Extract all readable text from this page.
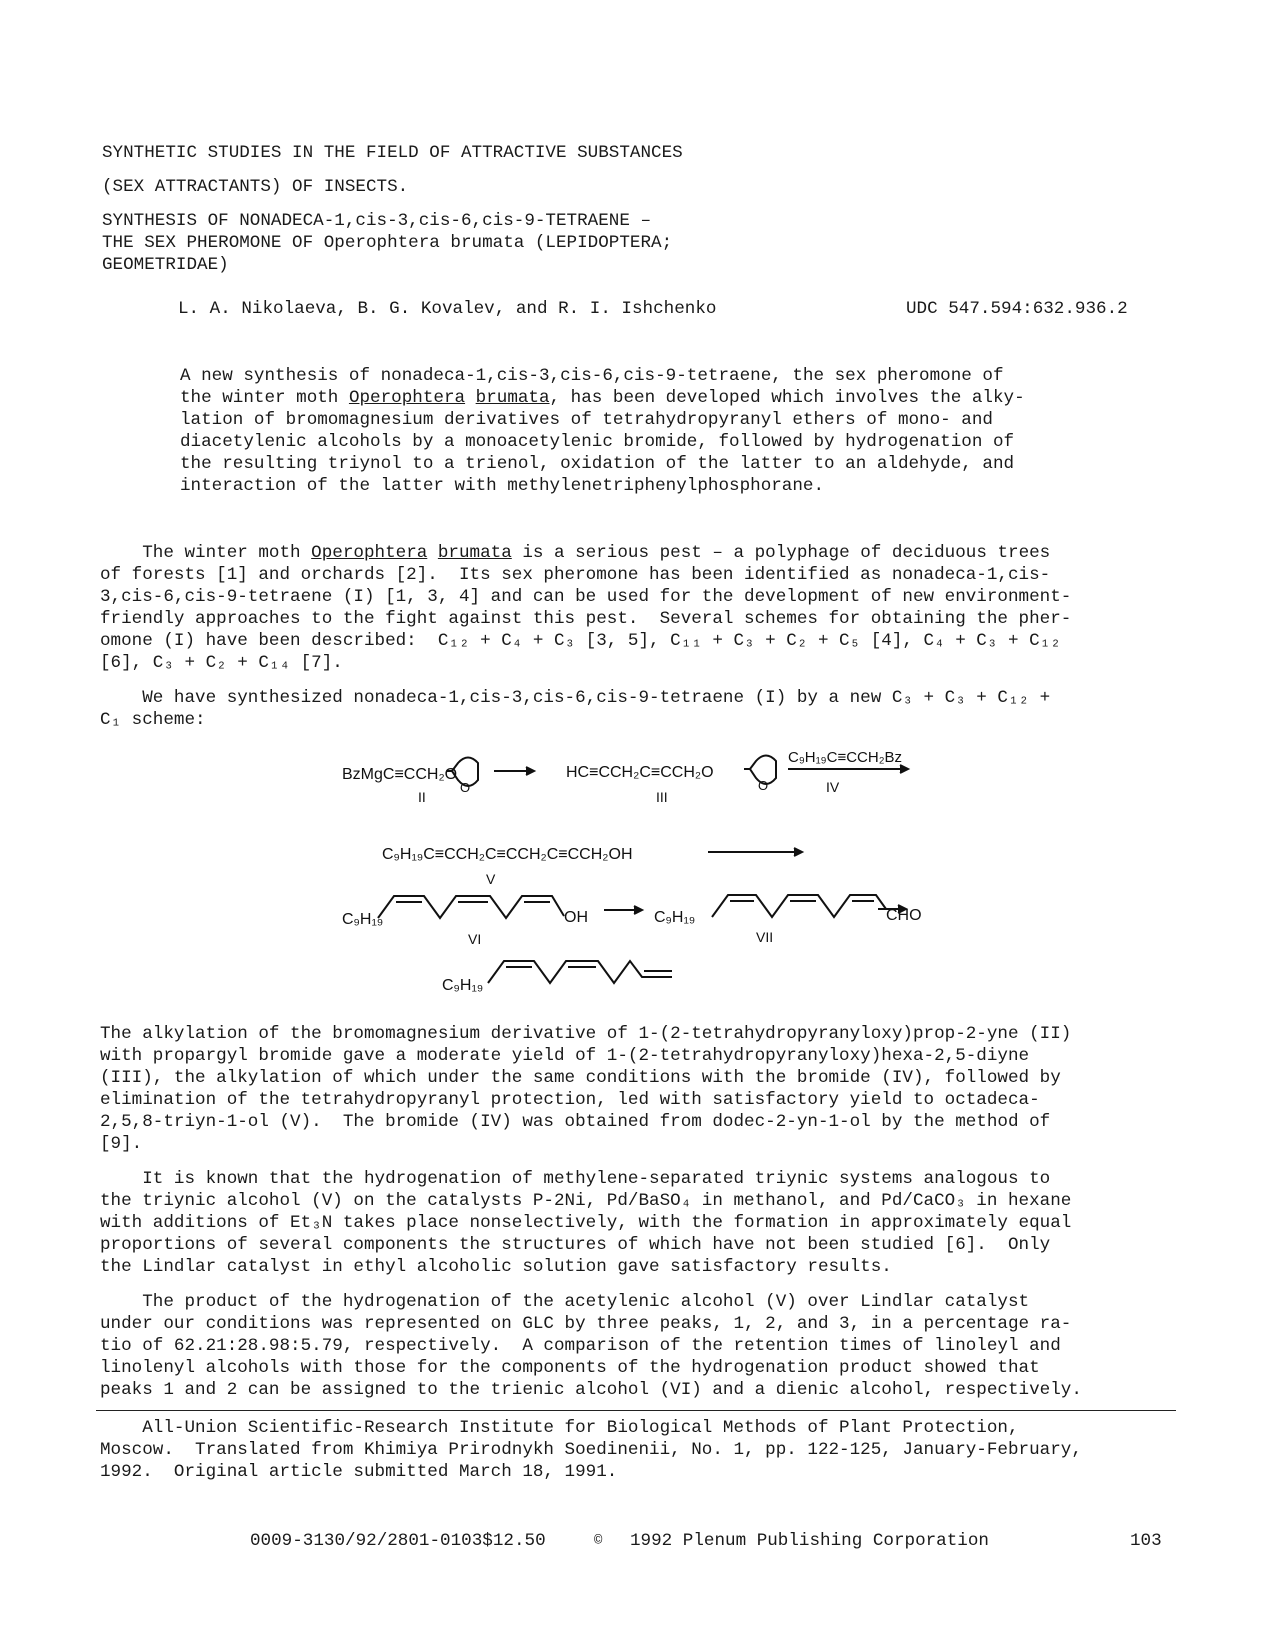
SYNTHETIC STUDIES IN THE FIELD OF ATTRACTIVE SUBSTANCES
(SEX ATTRACTANTS) OF INSECTS.
SYNTHESIS OF NONADECA-1,cis-3,cis-6,cis-9-TETRAENE –
THE SEX PHEROMONE OF Operophtera brumata (LEPIDOPTERA;
GEOMETRIDAE)
L. A. Nikolaeva, B. G. Kovalev, and R. I. Ishchenko	UDC 547.594:632.936.2
A new synthesis of nonadeca-1,cis-3,cis-6,cis-9-tetraene, the sex pheromone of
the winter moth Operophtera brumata, has been developed which involves the alky-
lation of bromomagnesium derivatives of tetrahydropyranyl ethers of mono- and
diacetylenic alcohols by a monoacetylenic bromide, followed by hydrogenation of
the resulting triynol to a trienol, oxidation of the latter to an aldehyde, and
interaction of the latter with methylenetriphenylphosphorane.
The winter moth Operophtera brumata is a serious pest – a polyphage of deciduous trees
of forests [1] and orchards [2].  Its sex pheromone has been identified as nonadeca-1,cis-
3,cis-6,cis-9-tetraene (I) [1, 3, 4] and can be used for the development of new environment-
friendly approaches to the fight against this pest.  Several schemes for obtaining the pher-
omone (I) have been described:  C₁₂ + C₄ + C₃ [3, 5], C₁₁ + C₃ + C₂ + C₅ [4], C₄ + C₃ + C₁₂
[6], C₃ + C₂ + C₁₄ [7].
We have synthesized nonadeca-1,cis-3,cis-6,cis-9-tetraene (I) by a new C₃ + C₃ + C₁₂ +
C₁ scheme:
BzMgC≡CCH₂O
O
II
HC≡CCH₂C≡CCH₂O
O
III
C₉H₁₉C≡CCH₂Bz
IV
C₉H₁₉C≡CCH₂C≡CCH₂C≡CCH₂OH
V
C₉H₁₉	OH
VI
C₉H₁₉	CHO
VII
C₉H₁₉
The alkylation of the bromomagnesium derivative of 1-(2-tetrahydropyranyloxy)prop-2-yne (II)
with propargyl bromide gave a moderate yield of 1-(2-tetrahydropyranyloxy)hexa-2,5-diyne
(III), the alkylation of which under the same conditions with the bromide (IV), followed by
elimination of the tetrahydropyranyl protection, led with satisfactory yield to octadeca-
2,5,8-triyn-1-ol (V).  The bromide (IV) was obtained from dodec-2-yn-1-ol by the method of
[9].
It is known that the hydrogenation of methylene-separated triynic systems analogous to
the triynic alcohol (V) on the catalysts P-2Ni, Pd/BaSO₄ in methanol, and Pd/CaCO₃ in hexane
with additions of Et₃N takes place nonselectively, with the formation in approximately equal
proportions of several components the structures of which have not been studied [6].  Only
the Lindlar catalyst in ethyl alcoholic solution gave satisfactory results.
The product of the hydrogenation of the acetylenic alcohol (V) over Lindlar catalyst
under our conditions was represented on GLC by three peaks, 1, 2, and 3, in a percentage ra-
tio of 62.21:28.98:5.79, respectively.  A comparison of the retention times of linoleyl and
linolenyl alcohols with those for the components of the hydrogenation product showed that
peaks 1 and 2 can be assigned to the trienic alcohol (VI) and a dienic alcohol, respectively.
All-Union Scientific-Research Institute for Biological Methods of Plant Protection,
Moscow.  Translated from Khimiya Prirodnykh Soedinenii, No. 1, pp. 122-125, January-February,
1992.  Original article submitted March 18, 1991.
0009-3130/92/2801-0103$12.50	© 1992 Plenum Publishing Corporation	103
